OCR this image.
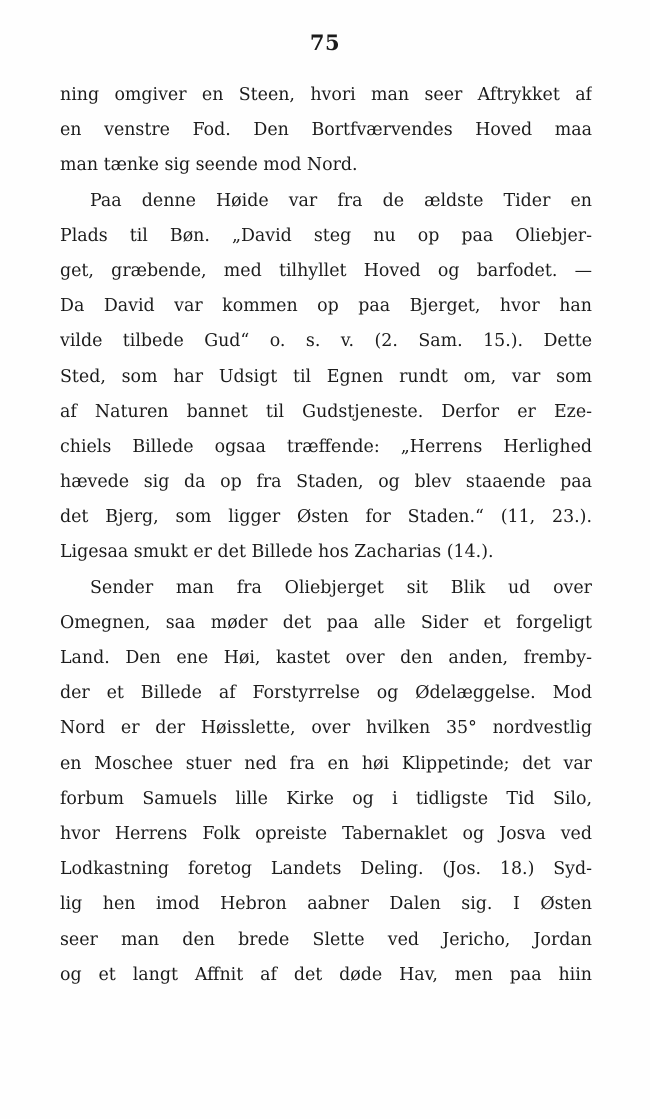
75
ning omgiver en Steen, hvori man seer Aftrykket af
en venstre Fod. Den Bortfværvendes Hoved maa
man tænke sig seende mod Nord.
Paa denne Høide var fra de ældste Tider en
Plads til Bøn. „David steg nu op paa Oliebjer-
get, græbende, med tilhyllet Hoved og barfodet. —
Da David var kommen op paa Bjerget, hvor han
vilde tilbede Gud“ o. s. v. (2. Sam. 15.). Dette
Sted, som har Udsigt til Egnen rundt om, var som
af Naturen bannet til Gudstjeneste. Derfor er Eze-
chiels Billede ogsaa træffende: „Herrens Herlighed
hævede sig da op fra Staden, og blev staaende paa
det Bjerg, som ligger Østen for Staden.“ (11, 23.).
Ligesaa smukt er det Billede hos Zacharias (14.).
Sender man fra Oliebjerget sit Blik ud over
Omegnen, saa møder det paa alle Sider et forgeligt
Land. Den ene Høi, kastet over den anden, fremby-
der et Billede af Forstyrrelse og Ødelæggelse. Mod
Nord er der Høisslette, over hvilken 35° nordvestlig
en Moschee stuer ned fra en høi Klippetinde; det var
forbum Samuels lille Kirke og i tidligste Tid Silo,
hvor Herrens Folk opreiste Tabernaklet og Josva ved
Lodkastning foretog Landets Deling. (Jos. 18.) Syd-
lig hen imod Hebron aabner Dalen sig. I Østen
seer man den brede Slette ved Jericho, Jordan
og et langt Affnit af det døde Hav, men paa hiin
